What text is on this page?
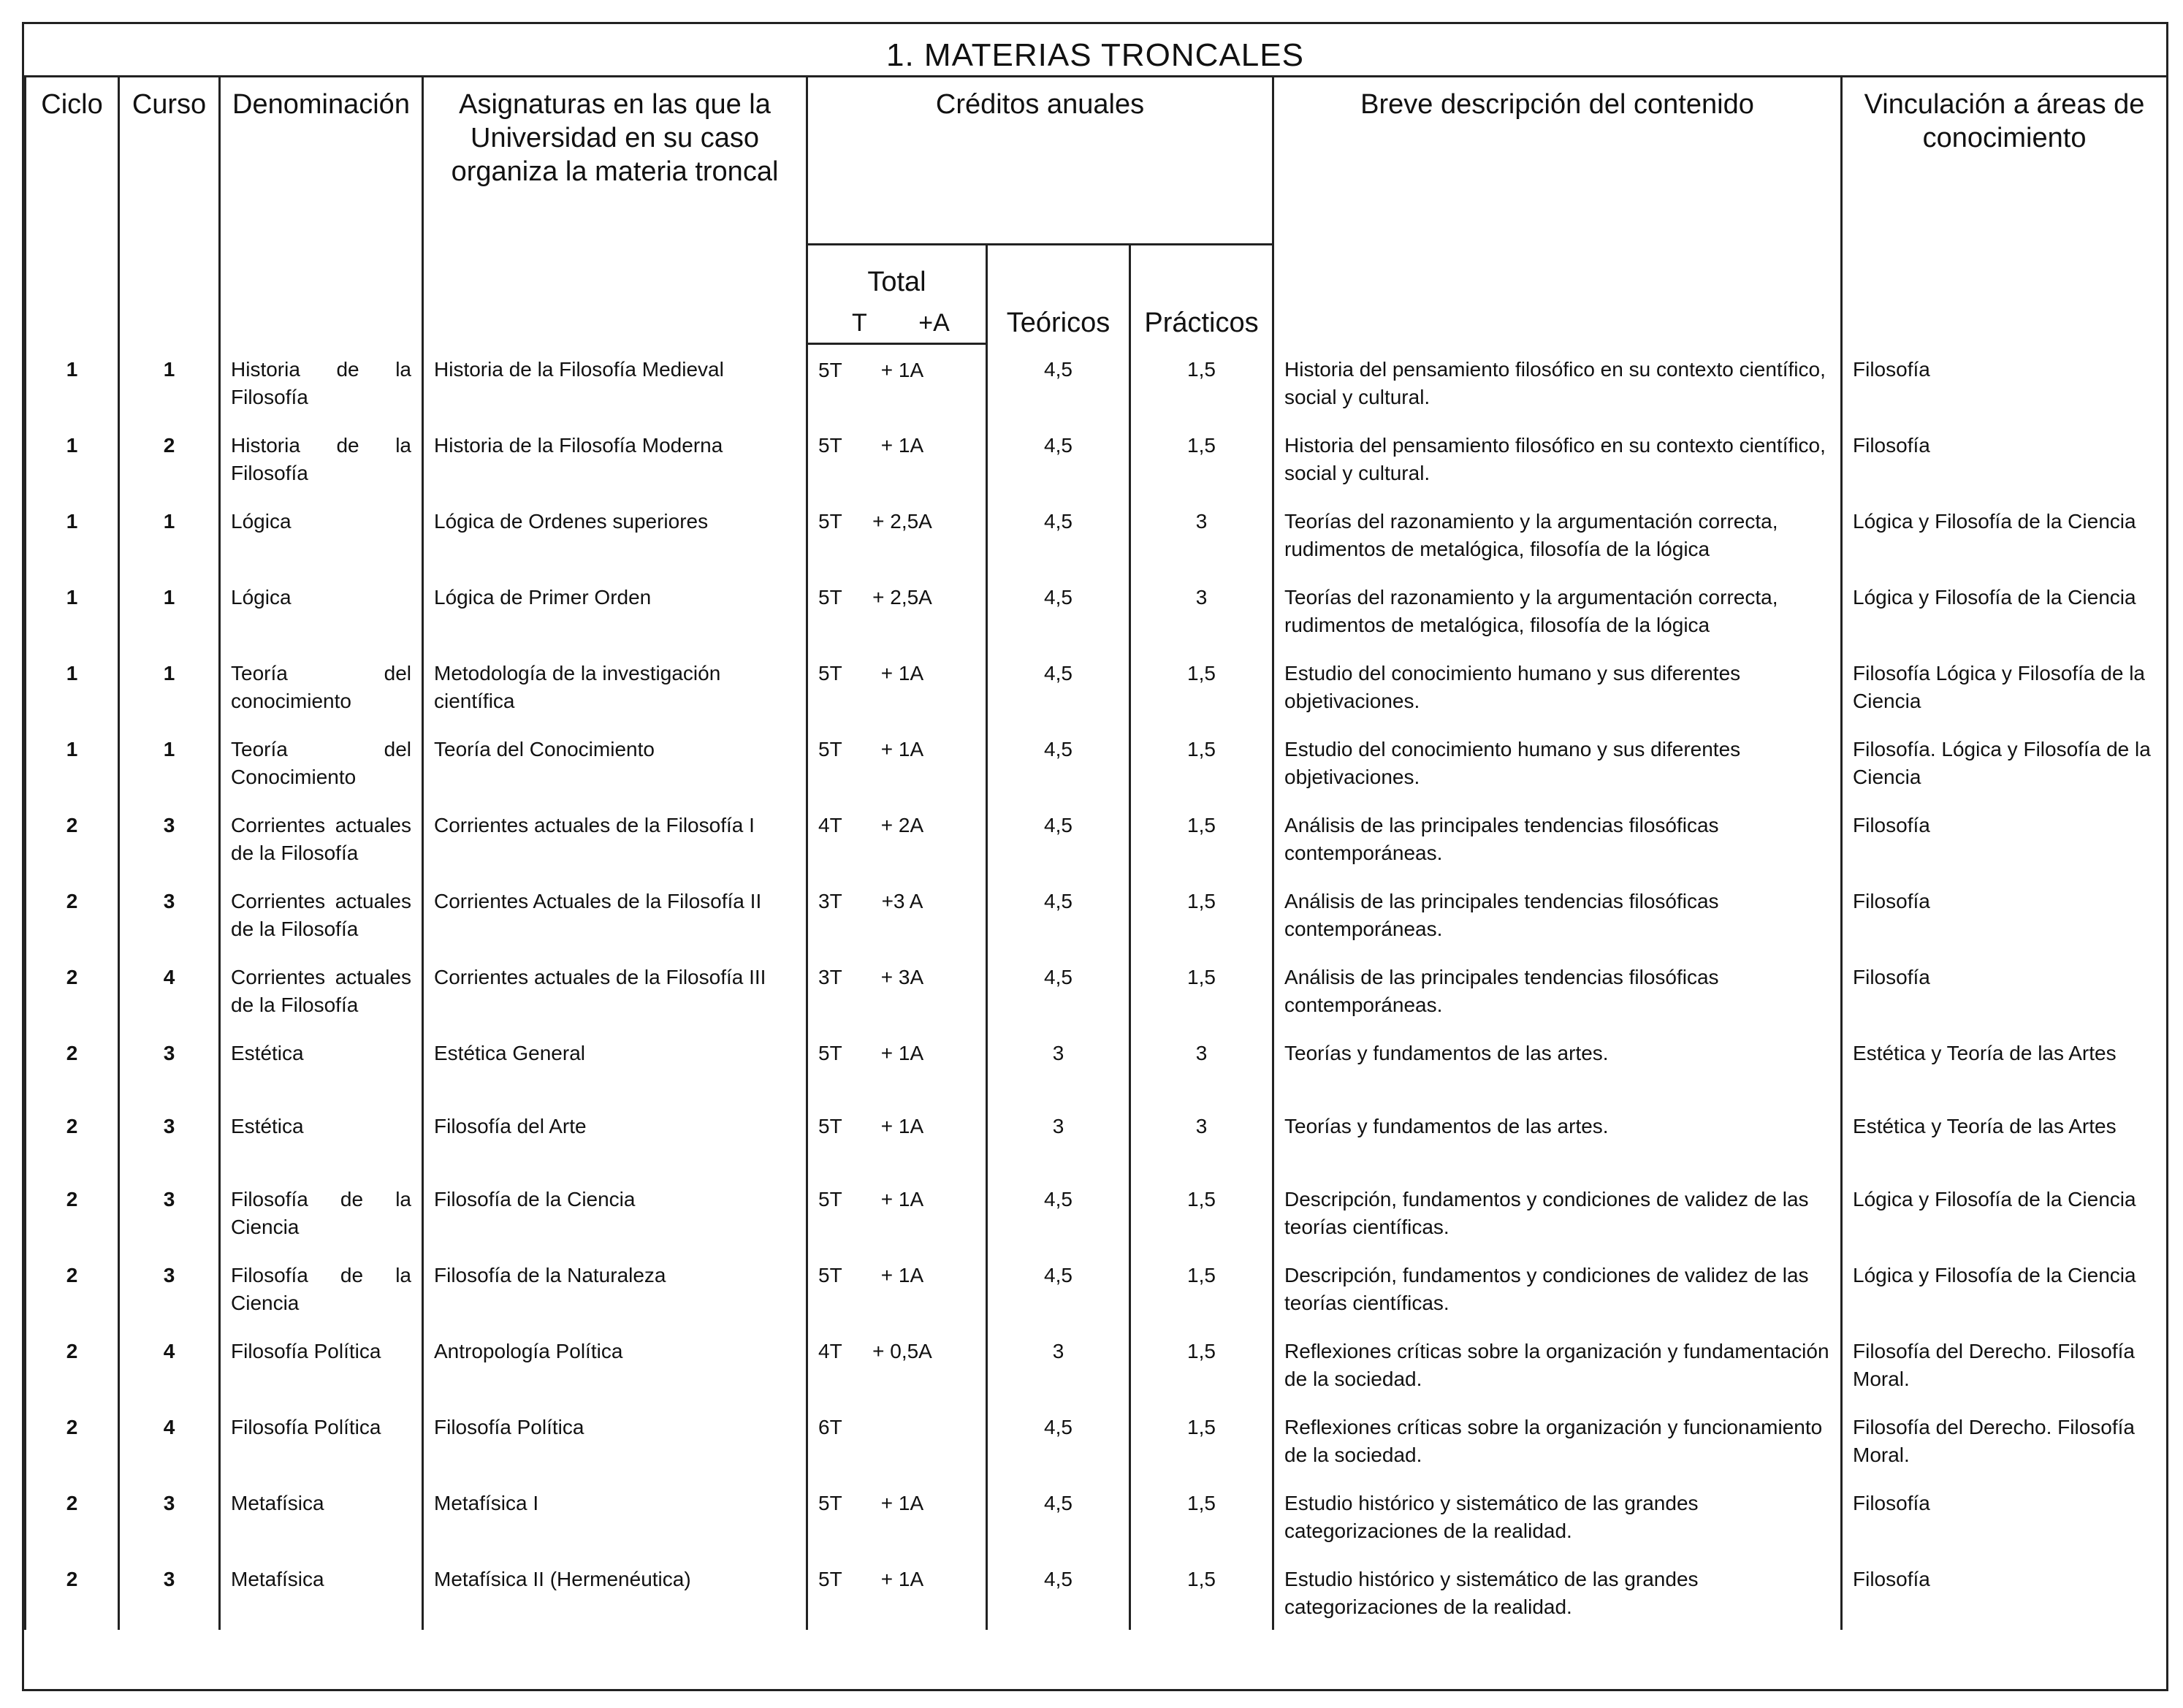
1. MATERIAS TRONCALES
Ciclo	Curso	Denominación	Asignaturas en las que la Universidad en su caso organiza la materia troncal	Créditos anuales			Breve descripción del contenido	Vinculación a áreas de conocimiento
				Total	Teóricos	Prácticos		
				T +A				
1	1	Historia de la Filosofía	Historia de la Filosofía Medieval	5T + 1A	4,5	1,5	Historia del pensamiento filosófico en su contexto científico, social y cultural.	Filosofía
1	2	Historia de la Filosofía	Historia de la Filosofía Moderna	5T + 1A	4,5	1,5	Historia del pensamiento filosófico en su contexto científico, social y cultural.	Filosofía
1	1	Lógica	Lógica de Ordenes superiores	5T + 2,5A	4,5	3	Teorías del razonamiento y la argumentación correcta, rudimentos de metalógica, filosofía de la lógica	Lógica y Filosofía de la Ciencia
1	1	Lógica	Lógica de Primer Orden	5T + 2,5A	4,5	3	Teorías del razonamiento y la argumentación correcta, rudimentos de metalógica, filosofía de la lógica	Lógica y Filosofía de la Ciencia
1	1	Teoría del conocimiento	Metodología de la investigación científica	5T + 1A	4,5	1,5	Estudio del conocimiento humano y sus diferentes objetivaciones.	Filosofía Lógica y Filosofía de la Ciencia
1	1	Teoría del Conocimiento	Teoría del Conocimiento	5T + 1A	4,5	1,5	Estudio del conocimiento humano y sus diferentes objetivaciones.	Filosofía. Lógica y Filosofía de la Ciencia
2	3	Corrientes actuales de la Filosofía	Corrientes actuales de la Filosofía I	4T + 2A	4,5	1,5	Análisis de las principales tendencias filosóficas contemporáneas.	Filosofía
2	3	Corrientes actuales de la Filosofía	Corrientes Actuales de la Filosofía II	3T +3 A	4,5	1,5	Análisis de las principales tendencias filosóficas contemporáneas.	Filosofía
2	4	Corrientes actuales de la Filosofía	Corrientes actuales de la Filosofía III	3T + 3A	4,5	1,5	Análisis de las principales tendencias filosóficas contemporáneas.	Filosofía
2	3	Estética	Estética General	5T + 1A	3	3	Teorías y fundamentos de las artes.	Estética y Teoría de las Artes
2	3	Estética	Filosofía del Arte	5T + 1A	3	3	Teorías y fundamentos de las artes.	Estética y Teoría de las Artes
2	3	Filosofía de la Ciencia	Filosofía de la Ciencia	5T + 1A	4,5	1,5	Descripción, fundamentos y condiciones de validez de las teorías científicas.	Lógica y Filosofía de la Ciencia
2	3	Filosofía de la Ciencia	Filosofía de la Naturaleza	5T + 1A	4,5	1,5	Descripción, fundamentos y condiciones de validez de las teorías científicas.	Lógica y Filosofía de la Ciencia
2	4	Filosofía Política	Antropología Política	4T + 0,5A	3	1,5	Reflexiones críticas sobre la organización y fundamentación de la sociedad.	Filosofía del Derecho. Filosofía Moral.
2	4	Filosofía Política	Filosofía Política	6T	4,5	1,5	Reflexiones críticas sobre la organización y funcionamiento de la sociedad.	Filosofía del Derecho. Filosofía Moral.
2	3	Metafísica	Metafísica I	5T + 1A	4,5	1,5	Estudio histórico y sistemático de las grandes categorizaciones de la realidad.	Filosofía
2	3	Metafísica	Metafísica II (Hermenéutica)	5T + 1A	4,5	1,5	Estudio histórico y sistemático de las grandes categorizaciones de la realidad.	Filosofía
